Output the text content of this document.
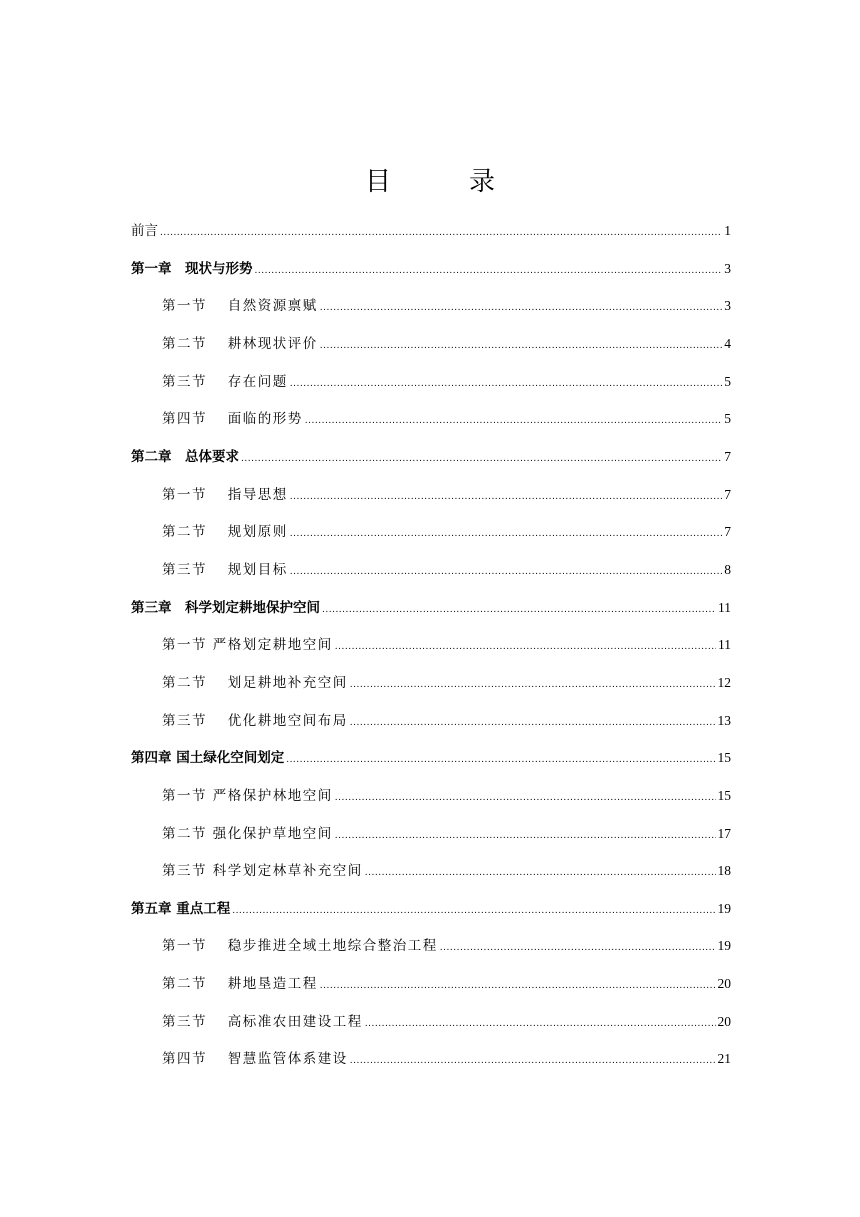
目　录
前言 .....	1
第一章　现状与形势 .....	3
第一节　 自然资源禀赋 .....	3
第二节　 耕林现状评价 .....	4
第三节　 存在问题 .....	5
第四节　 面临的形势 .....	5
第二章　总体要求 .....	7
第一节　 指导思想 .....	7
第二节　 规划原则 .....	7
第三节　 规划目标 .....	8
第三章　科学划定耕地保护空间 .....	11
第一节 严格划定耕地空间 .....	11
第二节　 划足耕地补充空间 .....	12
第三节　 优化耕地空间布局 .....	13
第四章 国土绿化空间划定 .....	15
第一节 严格保护林地空间 .....	15
第二节 强化保护草地空间 .....	17
第三节 科学划定林草补充空间 .....	18
第五章 重点工程 .....	19
第一节　 稳步推进全域土地综合整治工程 .....	19
第二节　 耕地垦造工程 .....	20
第三节　 高标准农田建设工程 .....	20
第四节　 智慧监管体系建设 .....	21
